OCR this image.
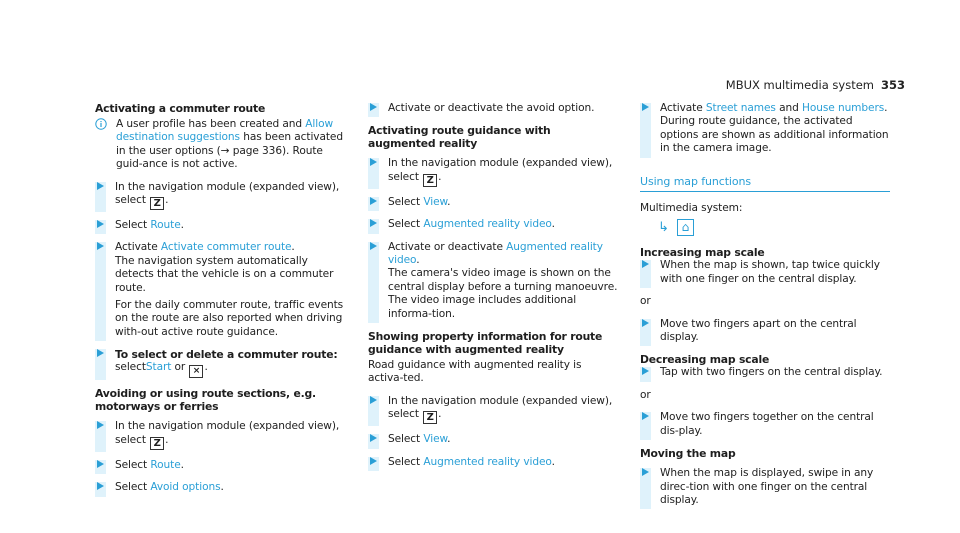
MBUX multimedia system 353
Activating a commuter route
A user profile has been created and Allow destination suggestions has been activated in the user options (→ page 336). Route guid-ance is not active.
In the navigation module (expanded view), select Z .
Select Route.
Activate Activate commuter route.
The navigation system automatically detects that the vehicle is on a commuter route.
For the daily commuter route, traffic events on the route are also reported when driving with-out active route guidance.
To select or delete a commuter route:
selectStart or × .
Avoiding or using route sections, e.g. motorways or ferries
In the navigation module (expanded view), select Z .
Select Route.
Select Avoid options.
Activate or deactivate the avoid option.
Activating route guidance with augmented reality
In the navigation module (expanded view), select Z .
Select View.
Select Augmented reality video.
Activate or deactivate Augmented reality video.
The camera's video image is shown on the central display before a turning manoeuvre. The video image includes additional informa-tion.
Showing property information for route guidance with augmented reality
Road guidance with augmented reality is activa-ted.
In the navigation module (expanded view), select Z .
Select View.
Select Augmented reality video.
Activate Street names and House numbers.
During route guidance, the activated options are shown as additional information in the camera image.
Using map functions
Multimedia system:
↳ ⌂
Increasing map scale
When the map is shown, tap twice quickly with one finger on the central display.
or
Move two fingers apart on the central display.
Decreasing map scale
Tap with two fingers on the central display.
or
Move two fingers together on the central dis-play.
Moving the map
When the map is displayed, swipe in any direc-tion with one finger on the central display.
